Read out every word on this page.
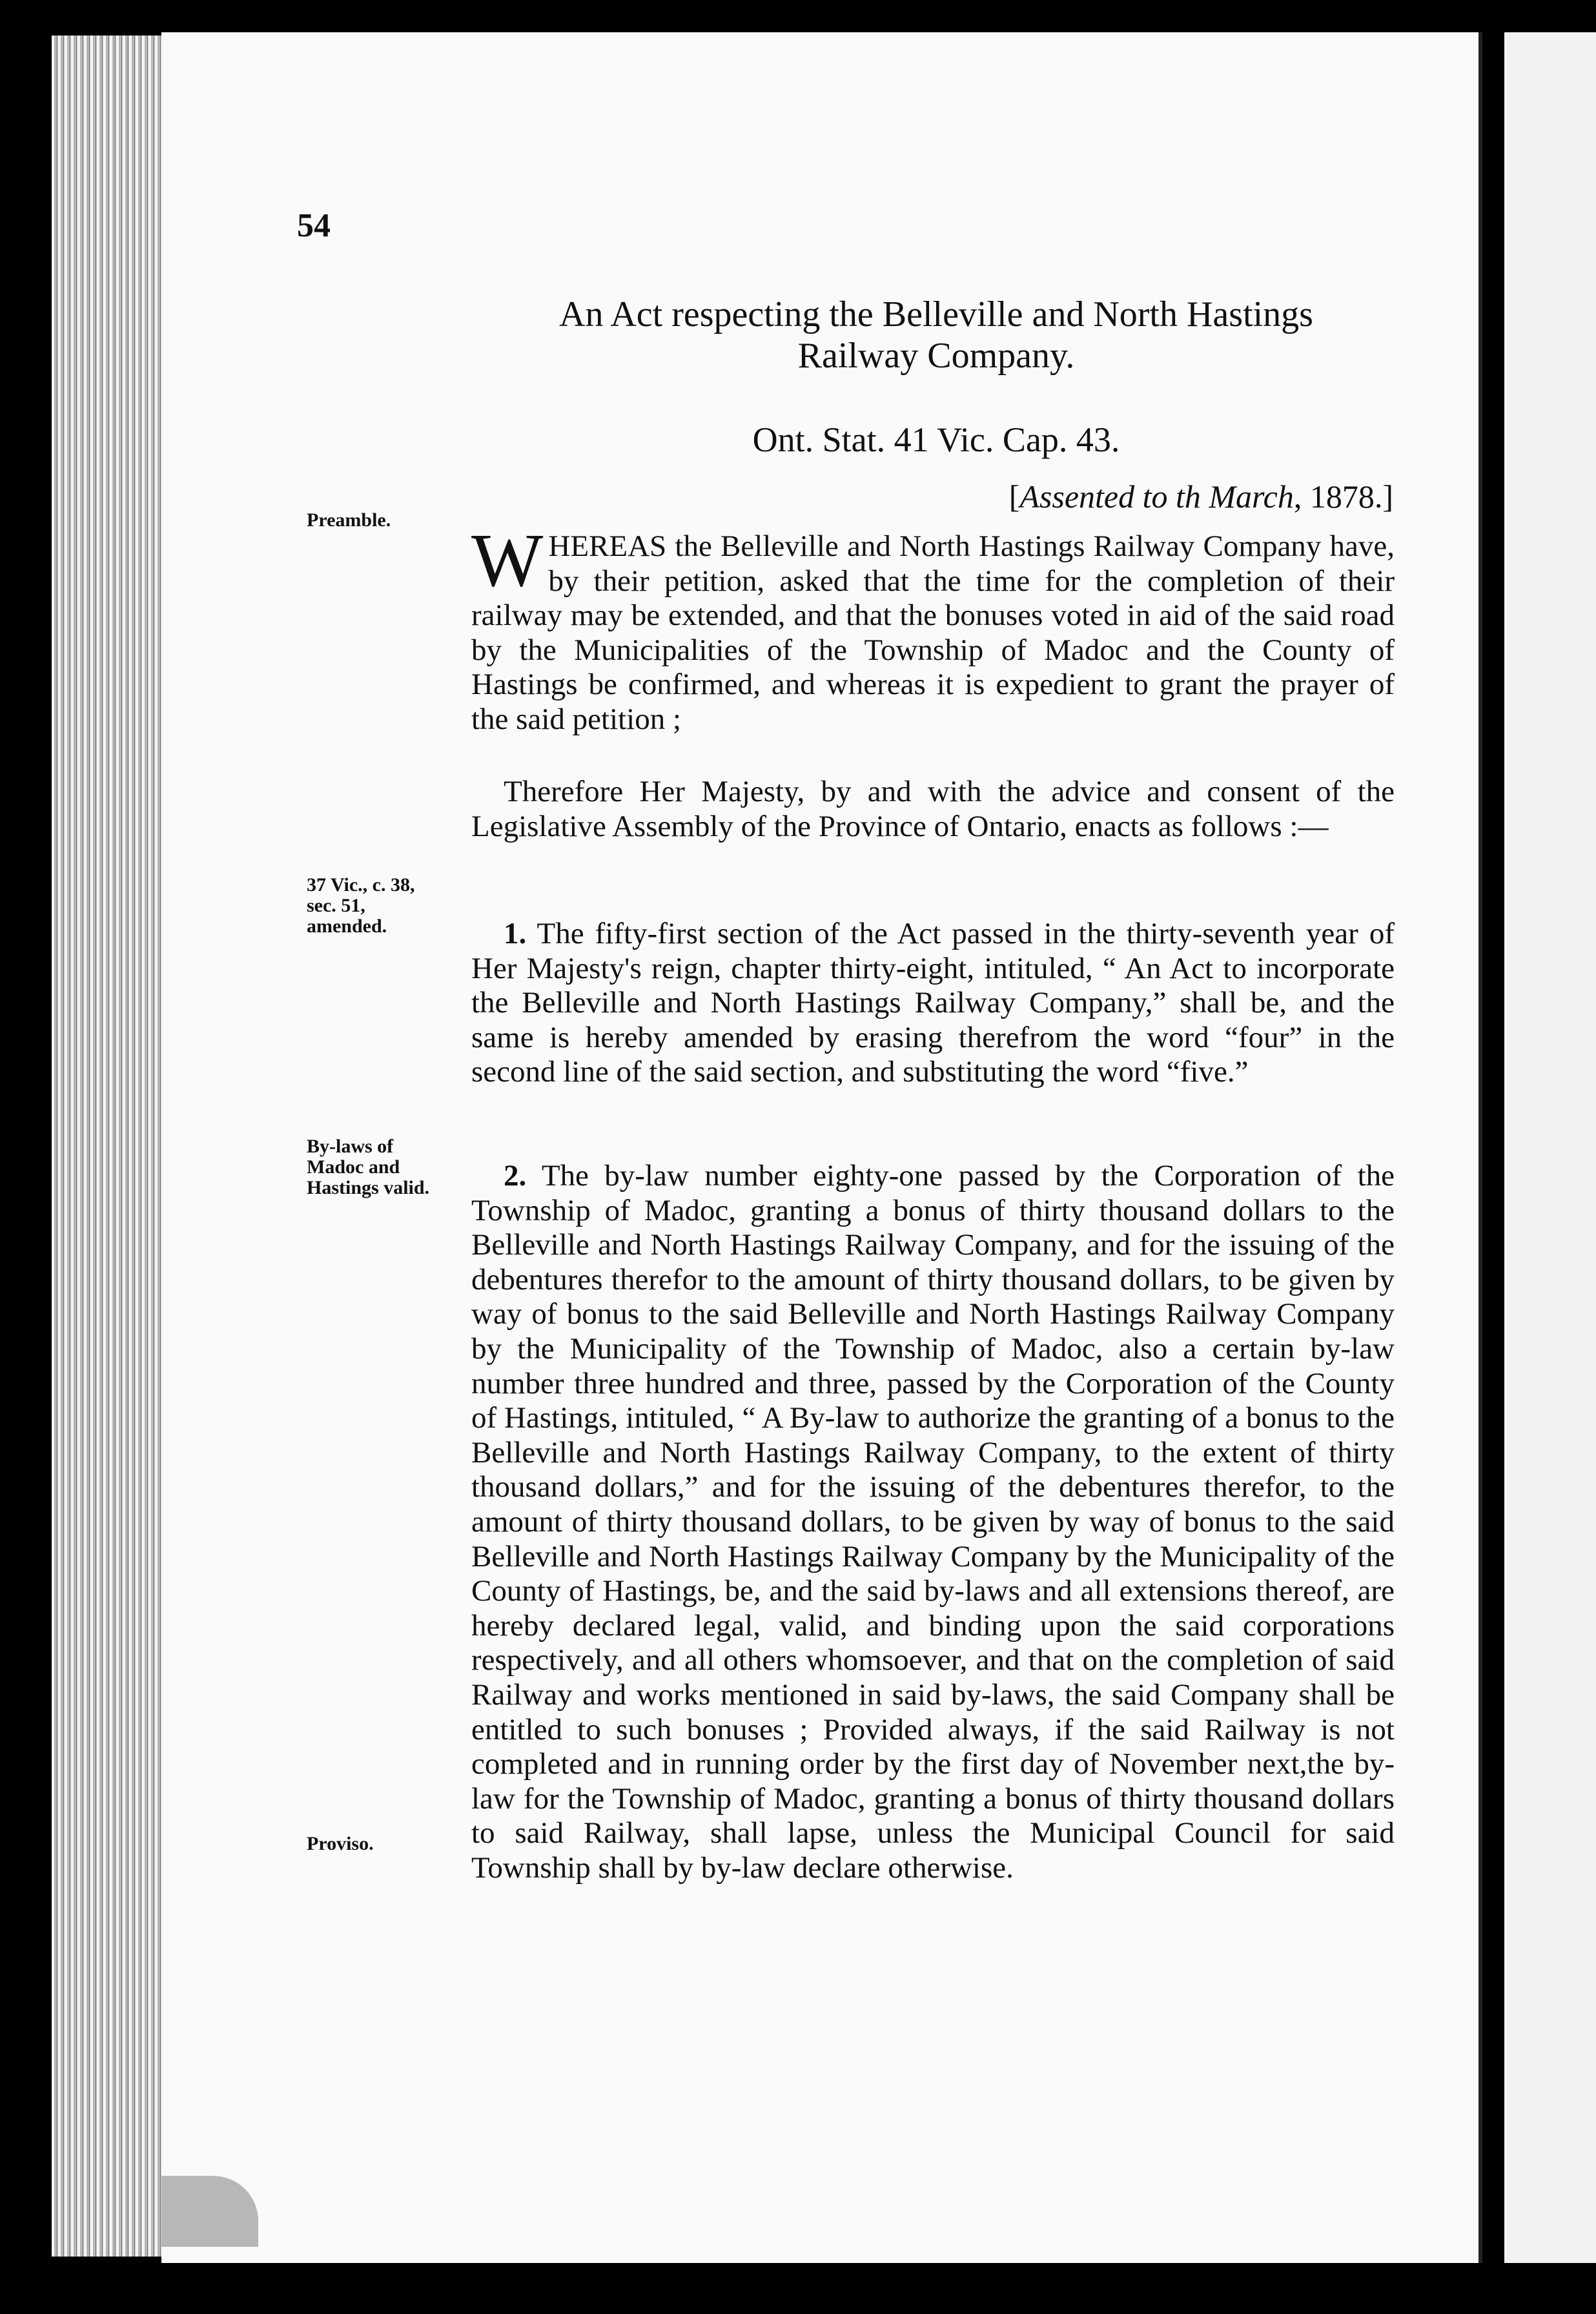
54
An Act respecting the Belleville and North Hastings
Railway Company.
Ont. Stat. 41 Vic. Cap. 43.
[Assented to th March, 1878.]
Preamble.	WHEREAS the Belleville and North Hastings Railway Company have, by their petition, asked that the time for the completion of their railway may be extended, and that the bonuses voted in aid of the said road by the Municipalities of the Township of Madoc and the County of Hastings be confirmed, and whereas it is expedient to grant the prayer of the said petition ;
Therefore Her Majesty, by and with the advice and consent of the Legislative Assembly of the Province of Ontario, enacts as follows :—
37 Vic., c. 38, sec. 51, amended.	1. The fifty-first section of the Act passed in the thirty-seventh year of Her Majesty's reign, chapter thirty-eight, intituled, “ An Act to incorporate the Belleville and North Hastings Railway Company,” shall be, and the same is hereby amended by erasing therefrom the word “four” in the second line of the said section, and substituting the word “five.”
By-laws of Madoc and Hastings valid.	2. The by-law number eighty-one passed by the Corporation of the Township of Madoc, granting a bonus of thirty thousand dollars to the Belleville and North Hastings Railway Company, and for the issuing of the debentures therefor to the amount of thirty thousand dollars, to be given by way of bonus to the said Belleville and North Hastings Railway Company by the Municipality of the Township of Madoc, also a certain by-law number three hundred and three, passed by the Corporation of the County of Hastings, intituled, “ A By-law to authorize the granting of a bonus to the Belleville and North Hastings Railway Company, to the extent of thirty thousand dollars,” and for the issuing of the debentures therefor, to the amount of thirty thousand dollars, to be given by way of bonus to the said Belleville and North Hastings Railway Company by the Municipality of the County of Hastings, be, and the said by-laws and all extensions thereof, are hereby declared legal, valid, and binding upon the said corporations respectively, and all others whomsoever, and that on the completion of said Railway and works mentioned in said by-laws, the said Company shall be entitled to such bonuses ; Provided always, if the said Railway is not completed and in running order by the first day of November next,the by-law for the Township of Madoc, granting a bonus of thirty thousand dollars to said Railway, shall lapse, unless the Municipal Council for said Township shall by by-law declare otherwise.
Proviso.
